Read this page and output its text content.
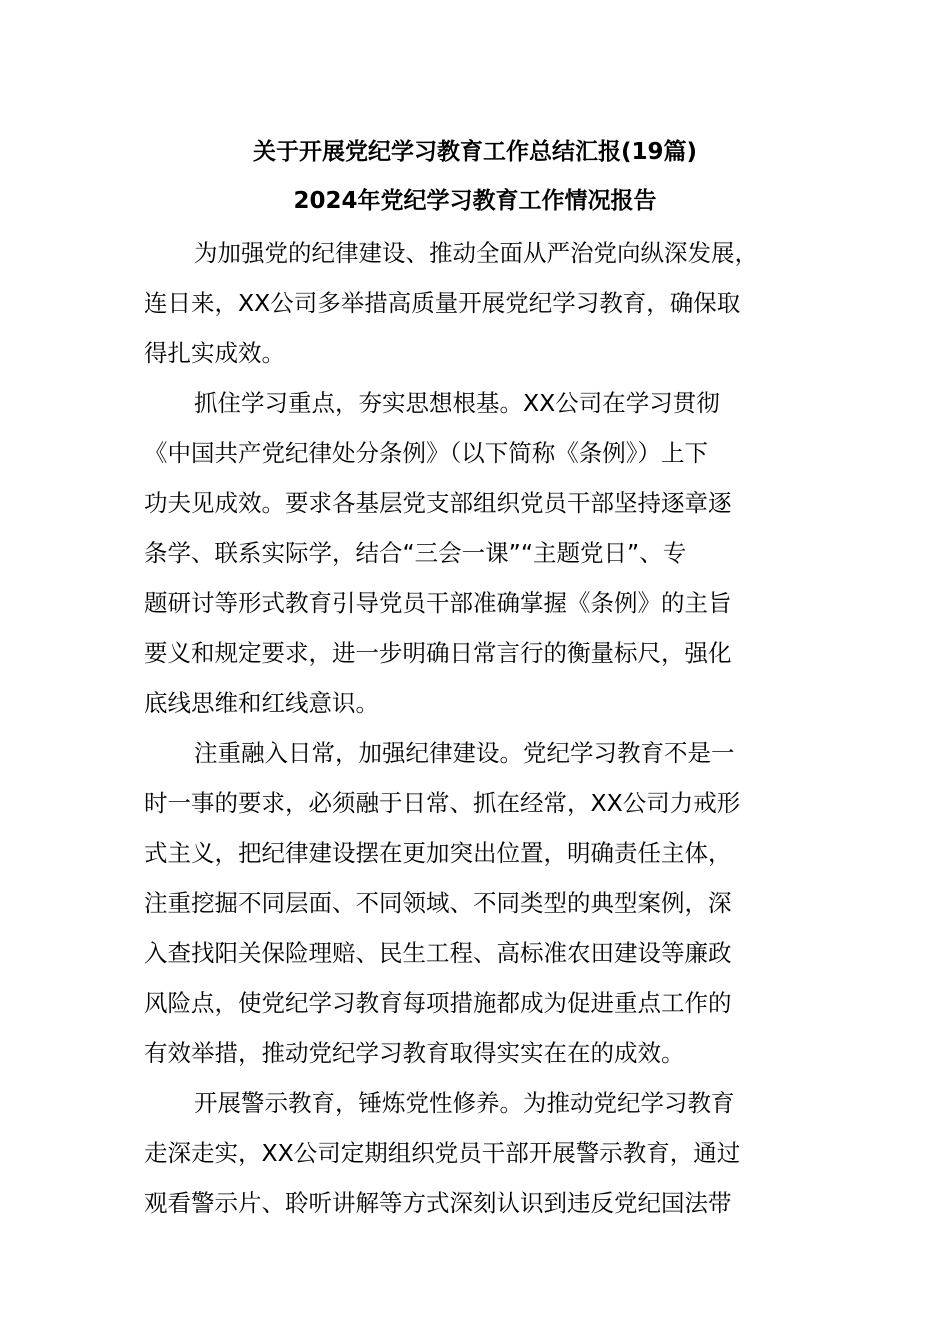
关于开展党纪学习教育工作总结汇报(19篇)
2024年党纪学习教育工作情况报告

为加强党的纪律建设、推动全面从严治党向纵深发展，
连日来，XX公司多举措高质量开展党纪学习教育，确保取
得扎实成效。

抓住学习重点，夯实思想根基。XX公司在学习贯彻
《中国共产党纪律处分条例》（以下简称《条例》）上下
功夫见成效。要求各基层党支部组织党员干部坚持逐章逐
条学、联系实际学，结合“三会一课”“主题党日”、专
题研讨等形式教育引导党员干部准确掌握《条例》的主旨
要义和规定要求，进一步明确日常言行的衡量标尺，强化
底线思维和红线意识。

注重融入日常，加强纪律建设。党纪学习教育不是一
时一事的要求，必须融于日常、抓在经常，XX公司力戒形
式主义，把纪律建设摆在更加突出位置，明确责任主体，
注重挖掘不同层面、不同领域、不同类型的典型案例，深
入查找阳关保险理赔、民生工程、高标准农田建设等廉政
风险点，使党纪学习教育每项措施都成为促进重点工作的
有效举措，推动党纪学习教育取得实实在在的成效。

开展警示教育，锤炼党性修养。为推动党纪学习教育
走深走实，XX公司定期组织党员干部开展警示教育，通过
观看警示片、聆听讲解等方式深刻认识到违反党纪国法带
